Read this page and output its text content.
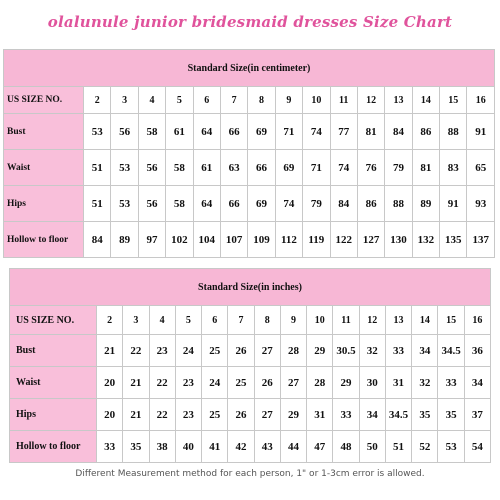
olalunule junior bridesmaid dresses Size Chart
Standard Size(in centimeter)															
US SIZE NO.	2	3	4	5	6	7	8	9	10	11	12	13	14	15	16
Bust	53	56	58	61	64	66	69	71	74	77	81	84	86	88	91
Waist	51	53	56	58	61	63	66	69	71	74	76	79	81	83	65
Hips	51	53	56	58	64	66	69	74	79	84	86	88	89	91	93
Hollow to floor	84	89	97	102	104	107	109	112	119	122	127	130	132	135	137
Standard Size(in inches)															
US SIZE NO.	2	3	4	5	6	7	8	9	10	11	12	13	14	15	16
Bust	21	22	23	24	25	26	27	28	29	30.5	32	33	34	34.5	36
Waist	20	21	22	23	24	25	26	27	28	29	30	31	32	33	34
Hips	20	21	22	23	25	26	27	29	31	33	34	34.5	35	35	37
Hollow to floor	33	35	38	40	41	42	43	44	47	48	50	51	52	53	54
Different Measurement method for each person, 1" or 1-3cm error is allowed.
